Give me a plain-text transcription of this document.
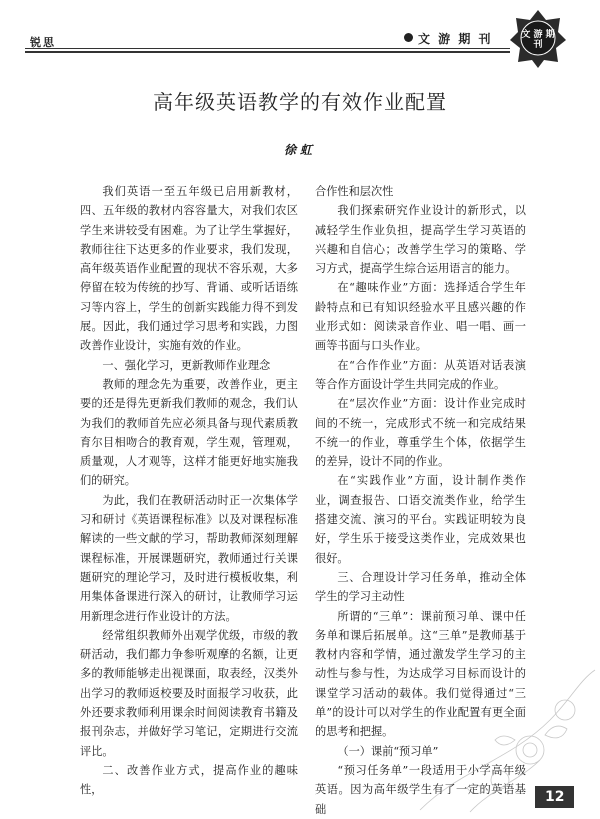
锐思	文 游 期 刊	文 游 期 刊
高年级英语教学的有效作业配置
徐虹

我们英语一至五年级已启用新教材，四、五年级的教材内容容量大，对我们农区学生来讲较受有困难。为了让学生掌握好，教师往往下达更多的作业要求，我们发现，高年级英语作业配置的现状不容乐观，大多停留在较为传统的抄写、背诵、或听话语练习等内容上，学生的创新实践能力得不到发展。因此，我们通过学习思考和实践，力图改善作业设计，实施有效的作业。

一、强化学习，更新教师作业理念

教师的理念先为重要，改善作业，更主要的还是得先更新我们教师的观念，我们认为我们的教师首先应必须具备与现代素质教育尔目相吻合的教育观，学生观，管理观，质量观，人才观等，这样才能更好地实施我们的研究。

为此，我们在教研活动时正一次集体学习和研讨《英语课程标准》以及对课程标准解读的一些文献的学习，帮助教师深刻理解课程标准，开展课题研究，教师通过行关课题研究的理论学习，及时进行模板收集，利用集体备课进行深入的研讨，让教师学习运用新理念进行作业设计的方法。

经常组织教师外出观学优级，市级的教研活动，我们都力争参听观摩的名额，让更多的教师能够走出视课面，取表经，汉类外出学习的教师返校要及时面报学习收获，此外还要求教师利用课余时间阅读教育书籍及报刊杂志，并做好学习笔记，定期进行交流评比。

二、改善作业方式，提高作业的趣味性，

合作性和层次性

我们探索研究作业设计的新形式，以减轻学生作业负担，提高学生学习英语的兴趣和自信心；改善学生学习的策略、学习方式，提高学生综合运用语言的能力。

在“趣味作业”方面：选择适合学生年龄特点和已有知识经验水平且感兴趣的作业形式如：阅读录音作业、唱一唱、画一画等书面与口头作业。

在“合作作业”方面：从英语对话表演等合作方面设计学生共同完成的作业。

在“层次作业”方面：设计作业完成时间的不统一，完成形式不统一和完成结果不统一的作业，尊重学生个体，依据学生的差异，设计不同的作业。

在“实践作业”方面，设计制作类作业，调查报告、口语交流类作业，给学生搭建交流、演习的平台。实践证明较为良好，学生乐于接受这类作业，完成效果也很好。

三、合理设计学习任务单，推动全体学生的学习主动性

所谓的“三单”：课前预习单、课中任务单和课后拓展单。这“三单”是教师基于教材内容和学情，通过激发学生学习的主动性与参与性，为达成学习目标而设计的课堂学习活动的载体。我们觉得通过“三单”的设计可以对学生的作业配置有更全面的思考和把握。

（一）课前“预习单”

“预习任务单”一段适用于小学高年级英语。因为高年级学生有了一定的英语基础

12
